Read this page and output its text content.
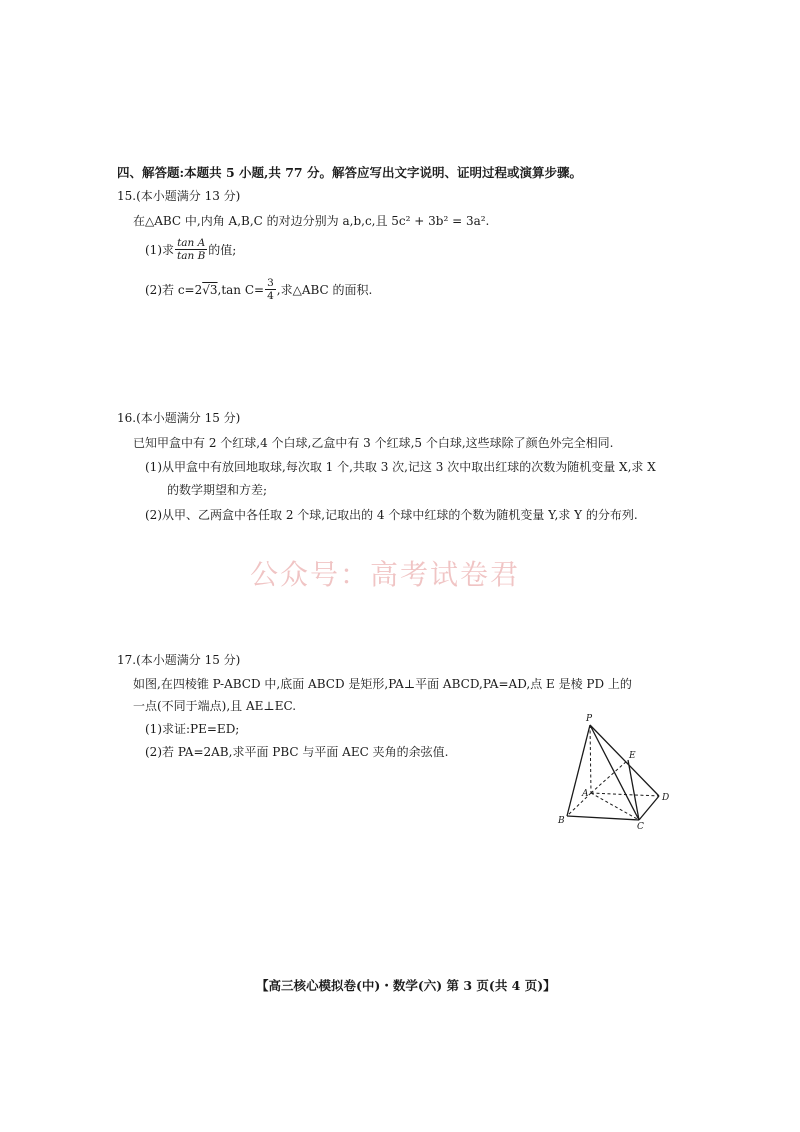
四、解答题:本题共 5 小题,共 77 分。解答应写出文字说明、证明过程或演算步骤。
15.(本小题满分 13 分)
在△ABC 中,内角 A,B,C 的对边分别为 a,b,c,且 5c² + 3b² = 3a².
(1)求 $\frac{\text{tan A}}{\text{tan B}}$ 的值;
(2)若 c=2 √3 ,tan $C= \frac{3}{4}$ ,求△ABC 的面积.
16.(本小题满分 15 分)
已知甲盒中有 2 个红球,4 个白球,乙盒中有 3 个红球,5 个白球,这些球除了颜色外完全相同.
(1)从甲盒中有放回地取球,每次取 1 个,共取 3 次,记这 3 次中取出红球的次数为随机变量 X,求 X
的数学期望和方差;
(2)从甲、乙两盒中各任取 2 个球,记取出的 4 个球中红球的个数为随机变量 Y,求 Y 的分布列.
公众号：高考试卷君
17.(本小题满分 15 分)
如图,在四棱锥 P-ABCD 中,底面 ABCD 是矩形,PA⊥平面 ABCD,PA=AD,点 E 是棱 PD 上的
一点(不同于端点),且 AE⊥EC.
(1)求证:PE=ED;
(2)若 PA=2AB,求平面 PBC 与平面 AEC 夹角的余弦值.
P
E
A	D
B
C
【高三核心模拟卷(中)・数学(六) 第 3 页(共 4 页)】
